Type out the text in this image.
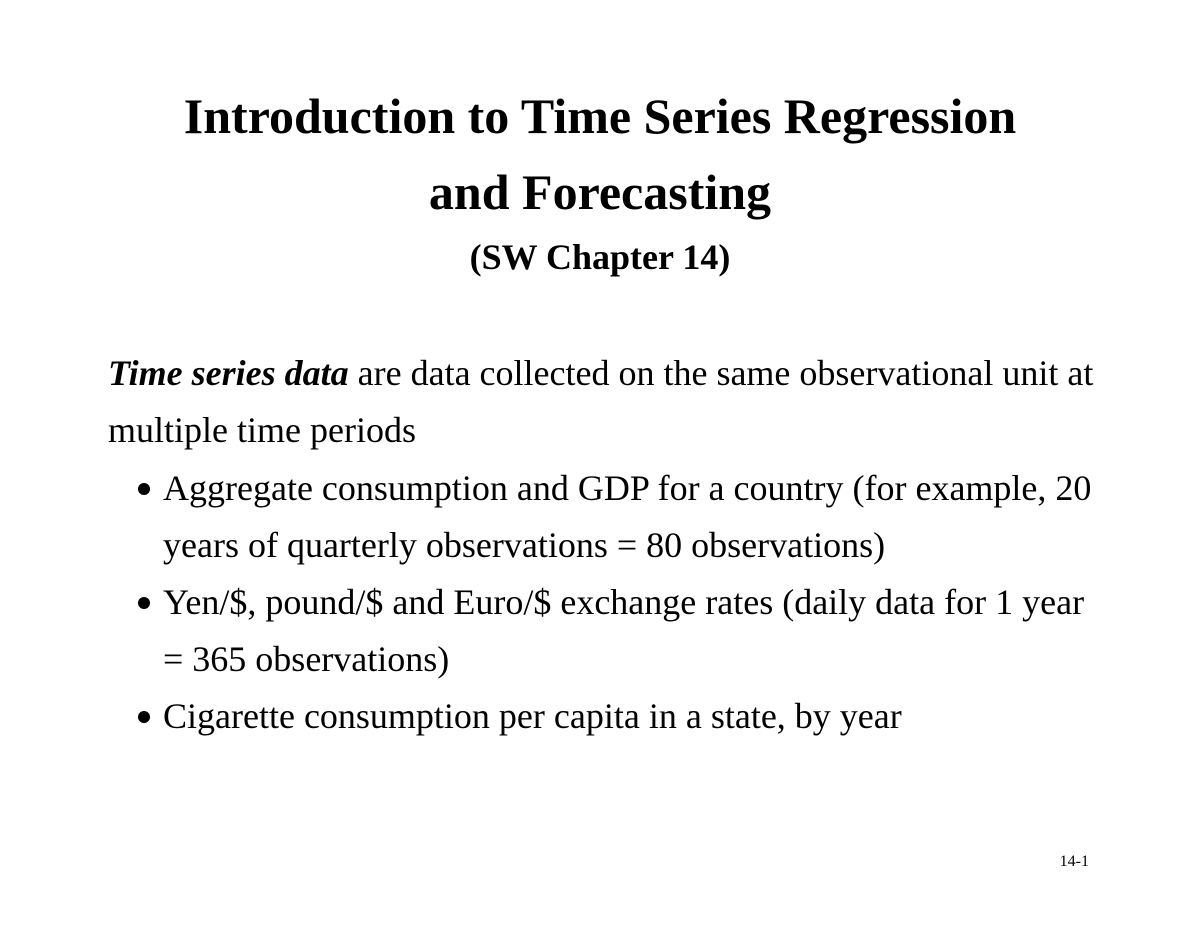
Introduction to Time Series Regression
and Forecasting
(SW Chapter 14)

Time series data are data collected on the same observational unit at multiple time periods

Aggregate consumption and GDP for a country (for example, 20 years of quarterly observations = 80 observations)
Yen/$, pound/$ and Euro/$ exchange rates (daily data for 1 year = 365 observations)
Cigarette consumption per capita in a state, by year

14-1
